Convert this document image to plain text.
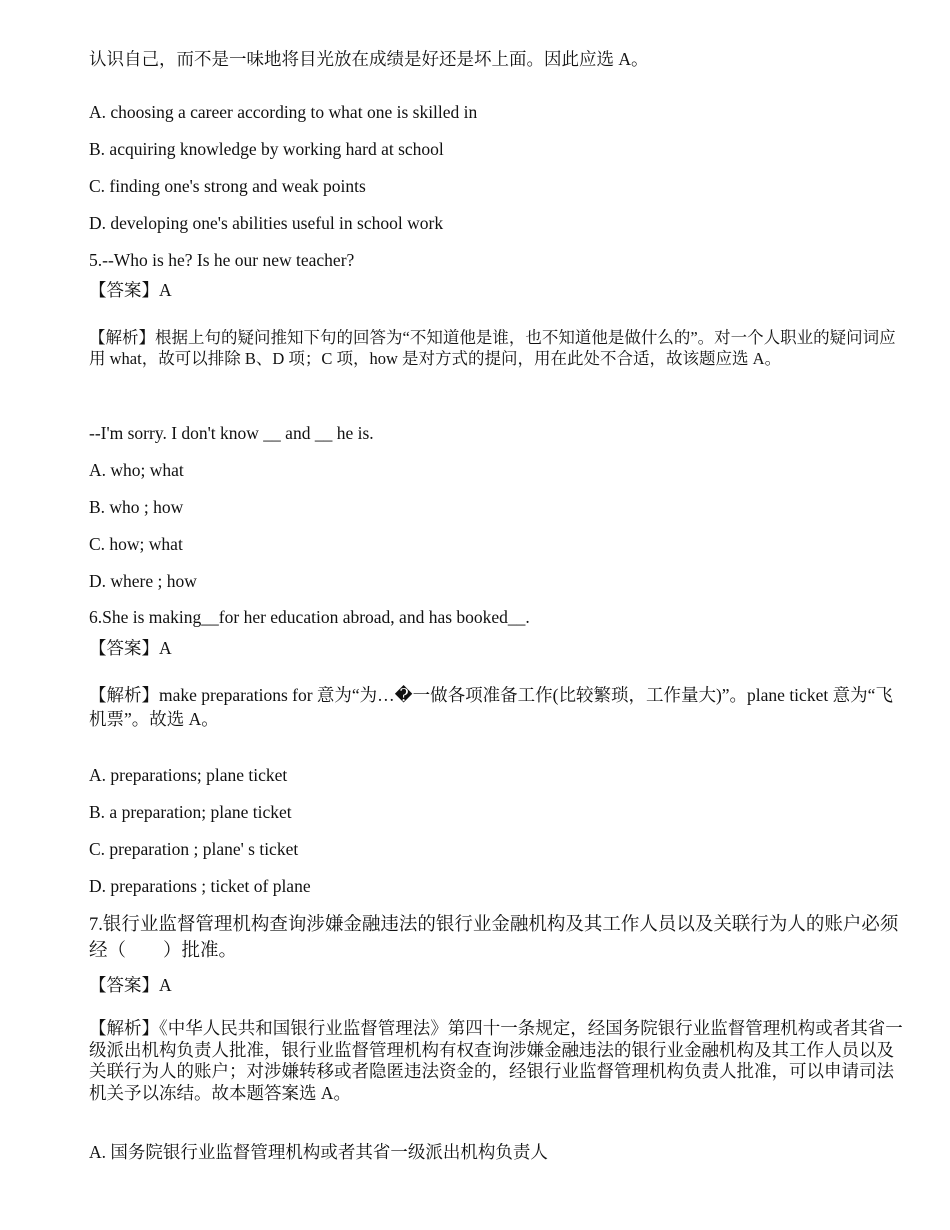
认识自己，而不是一味地将目光放在成绩是好还是坏上面。因此应选 A。
A. choosing a career according to what one is skilled in
B. acquiring knowledge by working hard at school
C. finding one's strong and weak points
D. developing one's abilities useful in school work
5.--Who is he? Is he our new teacher?
【答案】A
【解析】根据上句的疑问推知下句的回答为“不知道他是谁，也不知道他是做什么的”。对一个人职业的疑问词应用 what，故可以排除 B、D 项；C 项，how 是对方式的提问，用在此处不合适，故该题应选 A。
--I'm sorry. I don't know __ and __ he is.
A. who; what
B. who ; how
C. how; what
D. where ; how
6.She is making__for her education abroad, and has booked__.
【答案】A
【解析】make preparations for 意为“为…�一做各项准备工作(比较繁琐，工作量大)”。plane ticket 意为“飞机票”。故选 A。
A. preparations; plane ticket
B. a preparation; plane ticket
C. preparation ; plane' s ticket
D. preparations ; ticket of plane
7.银行业监督管理机构查询涉嫌金融违法的银行业金融机构及其工作人员以及关联行为人的账户必须经（　　）批准。
【答案】A
【解析】《中华人民共和国银行业监督管理法》第四十一条规定，经国务院银行业监督管理机构或者其省一级派出机构负责人批准，银行业监督管理机构有权查询涉嫌金融违法的银行业金融机构及其工作人员以及关联行为人的账户；对涉嫌转移或者隐匿违法资金的，经银行业监督管理机构负责人批准，可以申请司法机关予以冻结。故本题答案选 A。
A. 国务院银行业监督管理机构或者其省一级派出机构负责人
